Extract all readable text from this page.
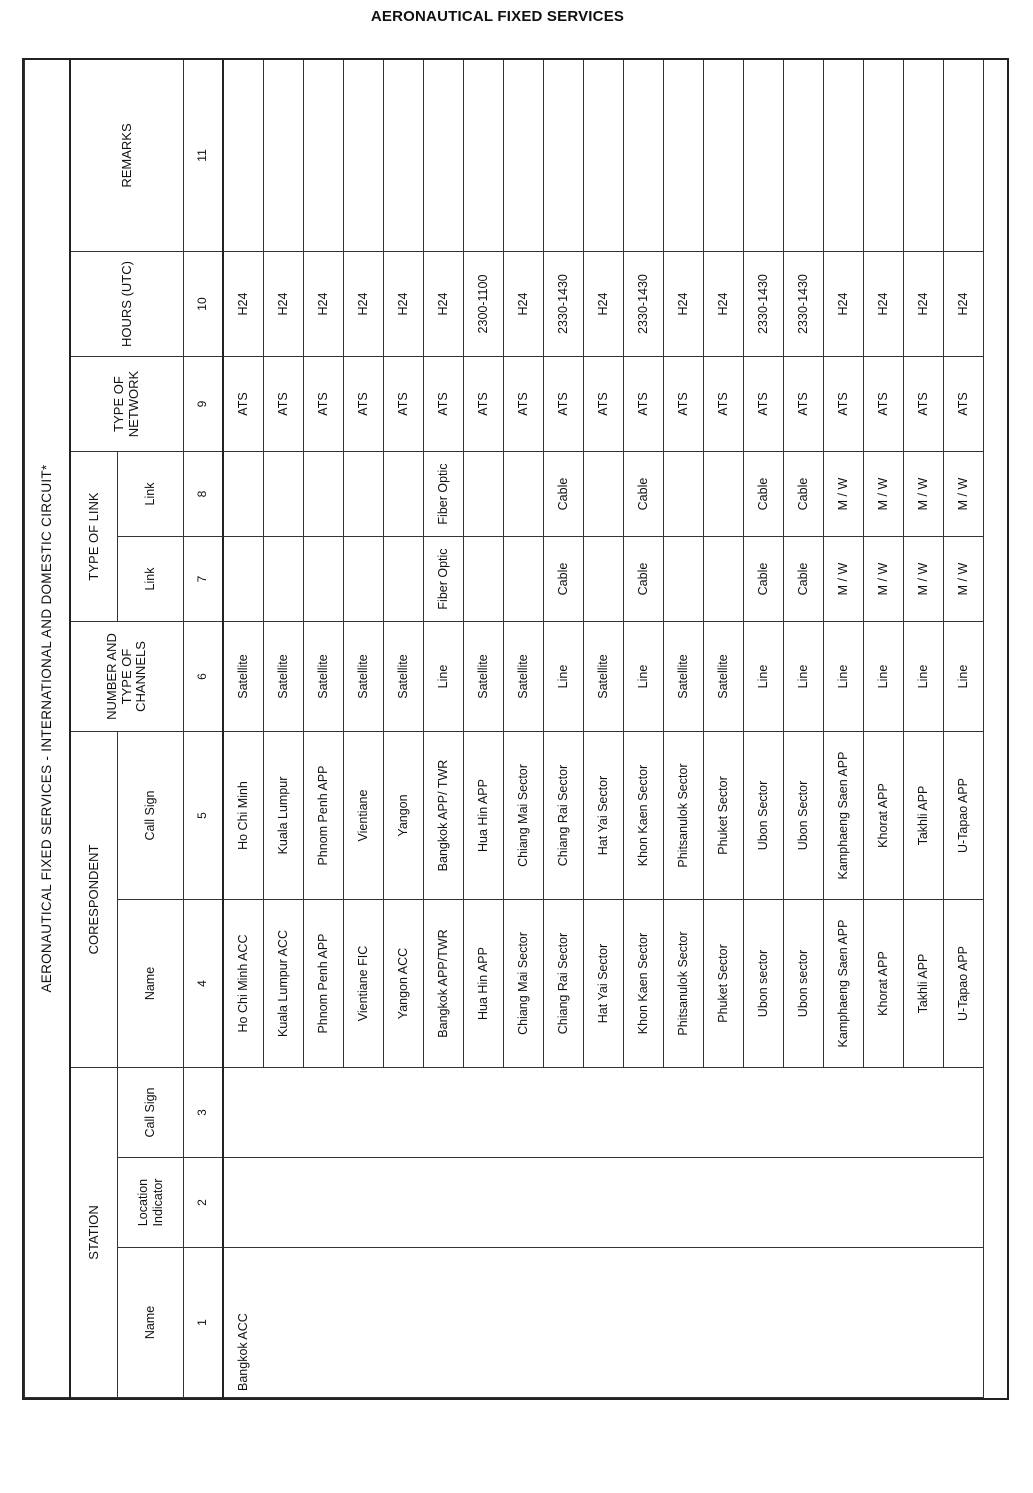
AERONAUTICAL FIXED SERVICES
AERONAUTICAL FIXED SERVICES - INTERNATIONAL AND DOMESTIC CIRCUIT*										
STATION			CORESPONDENT		NUMBER AND TYPE OF CHANNELS	TYPE OF LINK		TYPE OF NETWORK	HOURS (UTC)	REMARKS
Name	Location Indicator	Call Sign	Name	Call Sign		Link	Link			
1	2	3	4	5	6	7	8	9	10	11
Bangkok ACC			Ho Chi Minh ACC	Ho Chi Minh	Satellite			ATS	H24	
			Kuala Lumpur ACC	Kuala Lumpur	Satellite			ATS	H24	
			Phnom Penh APP	Phnom Penh APP	Satellite			ATS	H24	
			Vientiane FIC	Vientiane	Satellite			ATS	H24	
			Yangon ACC	Yangon	Satellite			ATS	H24	
			Bangkok APP/TWR	Bangkok APP/ TWR	Line	Fiber Optic	Fiber Optic	ATS	H24	
			Hua Hin APP	Hua Hin APP	Satellite			ATS	2300-1100	
			Chiang Mai Sector	Chiang Mai Sector	Satellite			ATS	H24	
			Chiang Rai Sector	Chiang Rai Sector	Line	Cable	Cable	ATS	2330-1430	
			Hat Yai Sector	Hat Yai Sector	Satellite			ATS	H24	
			Khon Kaen Sector	Khon Kaen Sector	Line	Cable	Cable	ATS	2330-1430	
			Phitsanulok Sector	Phitsanulok Sector	Satellite			ATS	H24	
			Phuket Sector	Phuket Sector	Satellite			ATS	H24	
			Ubon sector	Ubon Sector	Line	Cable	Cable	ATS	2330-1430	
			Ubon sector	Ubon Sector	Line	Cable	Cable	ATS	2330-1430	
			Kamphaeng Saen APP	Kamphaeng Saen APP	Line	M / W	M / W	ATS	H24	
			Khorat APP	Khorat APP	Line	M / W	M / W	ATS	H24	
			Takhli APP	Takhli APP	Line	M / W	M / W	ATS	H24	
			U-Tapao APP	U-Tapao APP	Line	M / W	M / W	ATS	H24	
